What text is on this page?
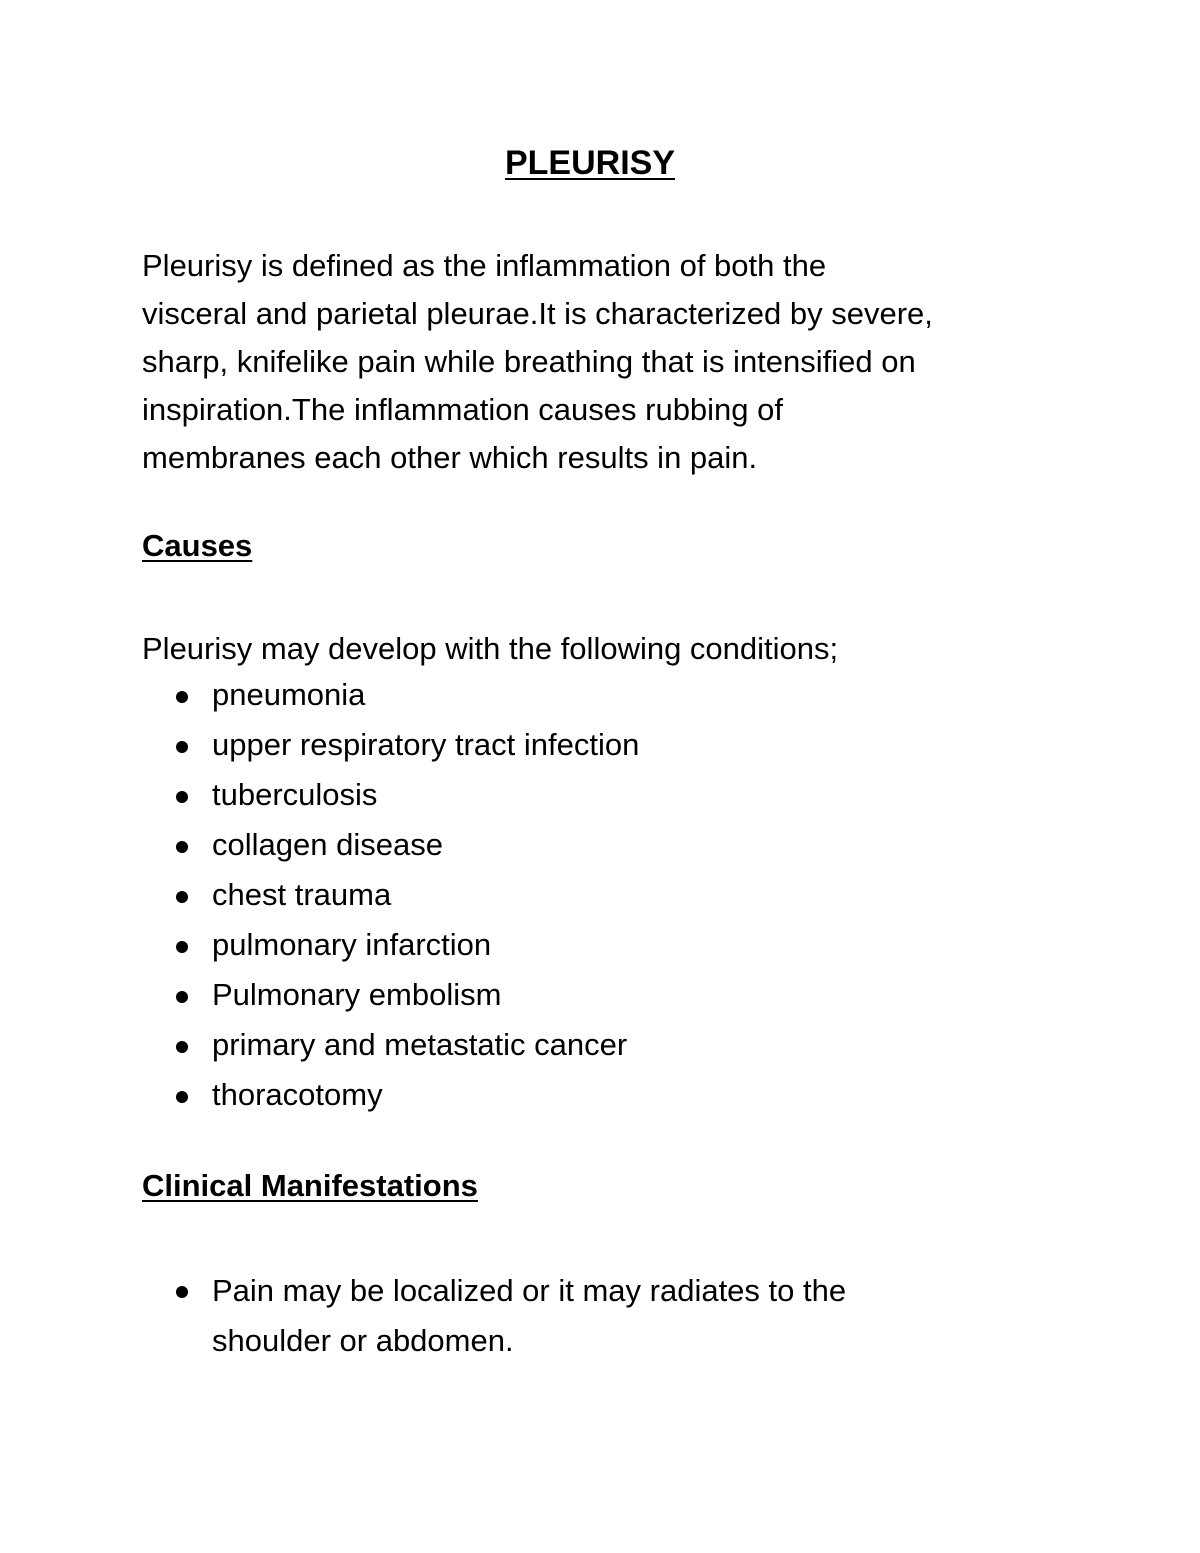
PLEURISY
Pleurisy is defined as the inflammation of both the
visceral and parietal pleurae.It is characterized by severe,
sharp, knifelike pain while breathing that is intensified on
inspiration.The inflammation causes rubbing of
membranes each other which results in pain.
Causes
Pleurisy may develop with the following conditions;
pneumonia
upper respiratory tract infection
tuberculosis
collagen disease
chest trauma
pulmonary infarction
Pulmonary embolism
primary and metastatic cancer
thoracotomy
Clinical Manifestations
Pain may be localized or it may radiates to the
shoulder or abdomen.
